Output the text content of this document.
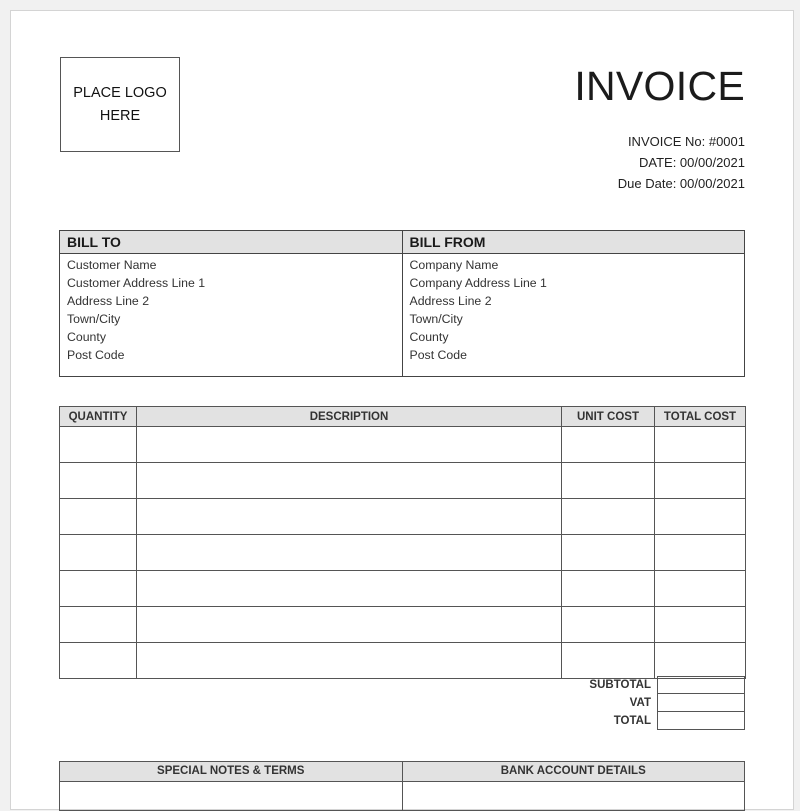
PLACE LOGO
HERE
INVOICE
INVOICE No: #0001
DATE: 00/00/2021
Due Date: 00/00/2021
BILL TO
Customer Name
Customer Address Line 1
Address Line 2
Town/City
County
Post Code
BILL FROM
Company Name
Company Address Line 1
Address Line 2
Town/City
County
Post Code
QUANTITY	DESCRIPTION	UNIT COST	TOTAL COST

SUBTOTAL
VAT
TOTAL
SPECIAL NOTES & TERMS	BANK ACCOUNT DETAILS
